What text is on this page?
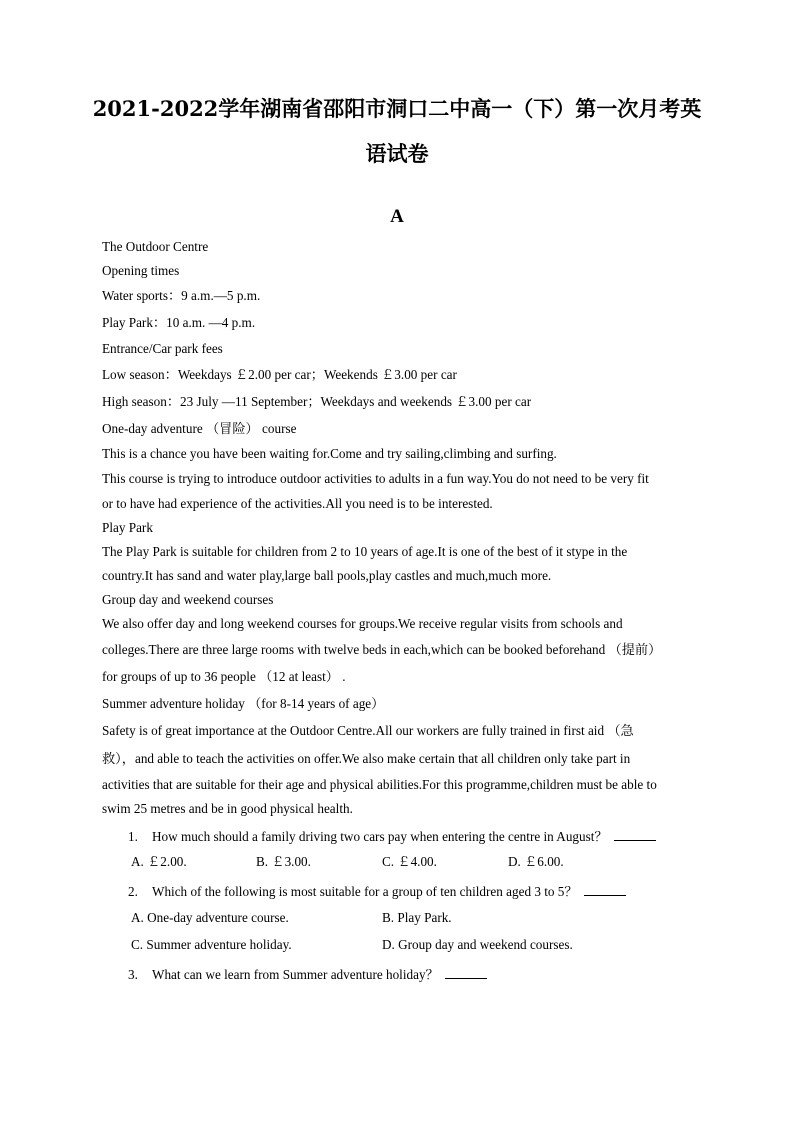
2021-2022学年湖南省邵阳市洞口二中高一（下）第一次月考英
语试卷
A
The Outdoor Centre
Opening times
Water sports：9 a.m.—5 p.m.
Play Park：10 a.m. —4 p.m.
Entrance/Car park fees
Low season：Weekdays ￡2.00 per car；Weekends ￡3.00 per car
High season：23 July —11 September；Weekdays and weekends ￡3.00 per car
One-day adventure （冒险） course
This is a chance you have been waiting for.Come and try sailing,climbing and surfing.
This course is trying to introduce outdoor activities to adults in a fun way.You do not need to be very fit
or to have had experience of the activities.All you need is to be interested.
Play Park
The Play Park is suitable for children from 2 to 10 years of age.It is one of the best of it stype in the
country.It has sand and water play,large ball pools,play castles and much,much more.
Group day and weekend courses
We also offer day and long weekend courses for groups.We receive regular visits from schools and
colleges.There are three large rooms with twelve beds in each,which can be booked beforehand （提前）
for groups of up to 36 people （12 at least） .
Summer adventure holiday （for 8-14 years of age）
Safety is of great importance at the Outdoor Centre.All our workers are fully trained in first aid （急
救），and able to teach the activities on offer.We also make certain that all children only take part in
activities that are suitable for their age and physical abilities.For this programme,children must be able to
swim 25 metres and be in good physical health.
1. How much should a family driving two cars pay when entering the centre in August？
A. ￡2.00.	B. ￡3.00.	C. ￡4.00.	D. ￡6.00.
2. Which of the following is most suitable for a group of ten children aged 3 to 5？
A. One-day adventure course.	B. Play Park.
C. Summer adventure holiday.	D. Group day and weekend courses.
3. What can we learn from Summer adventure holiday？
